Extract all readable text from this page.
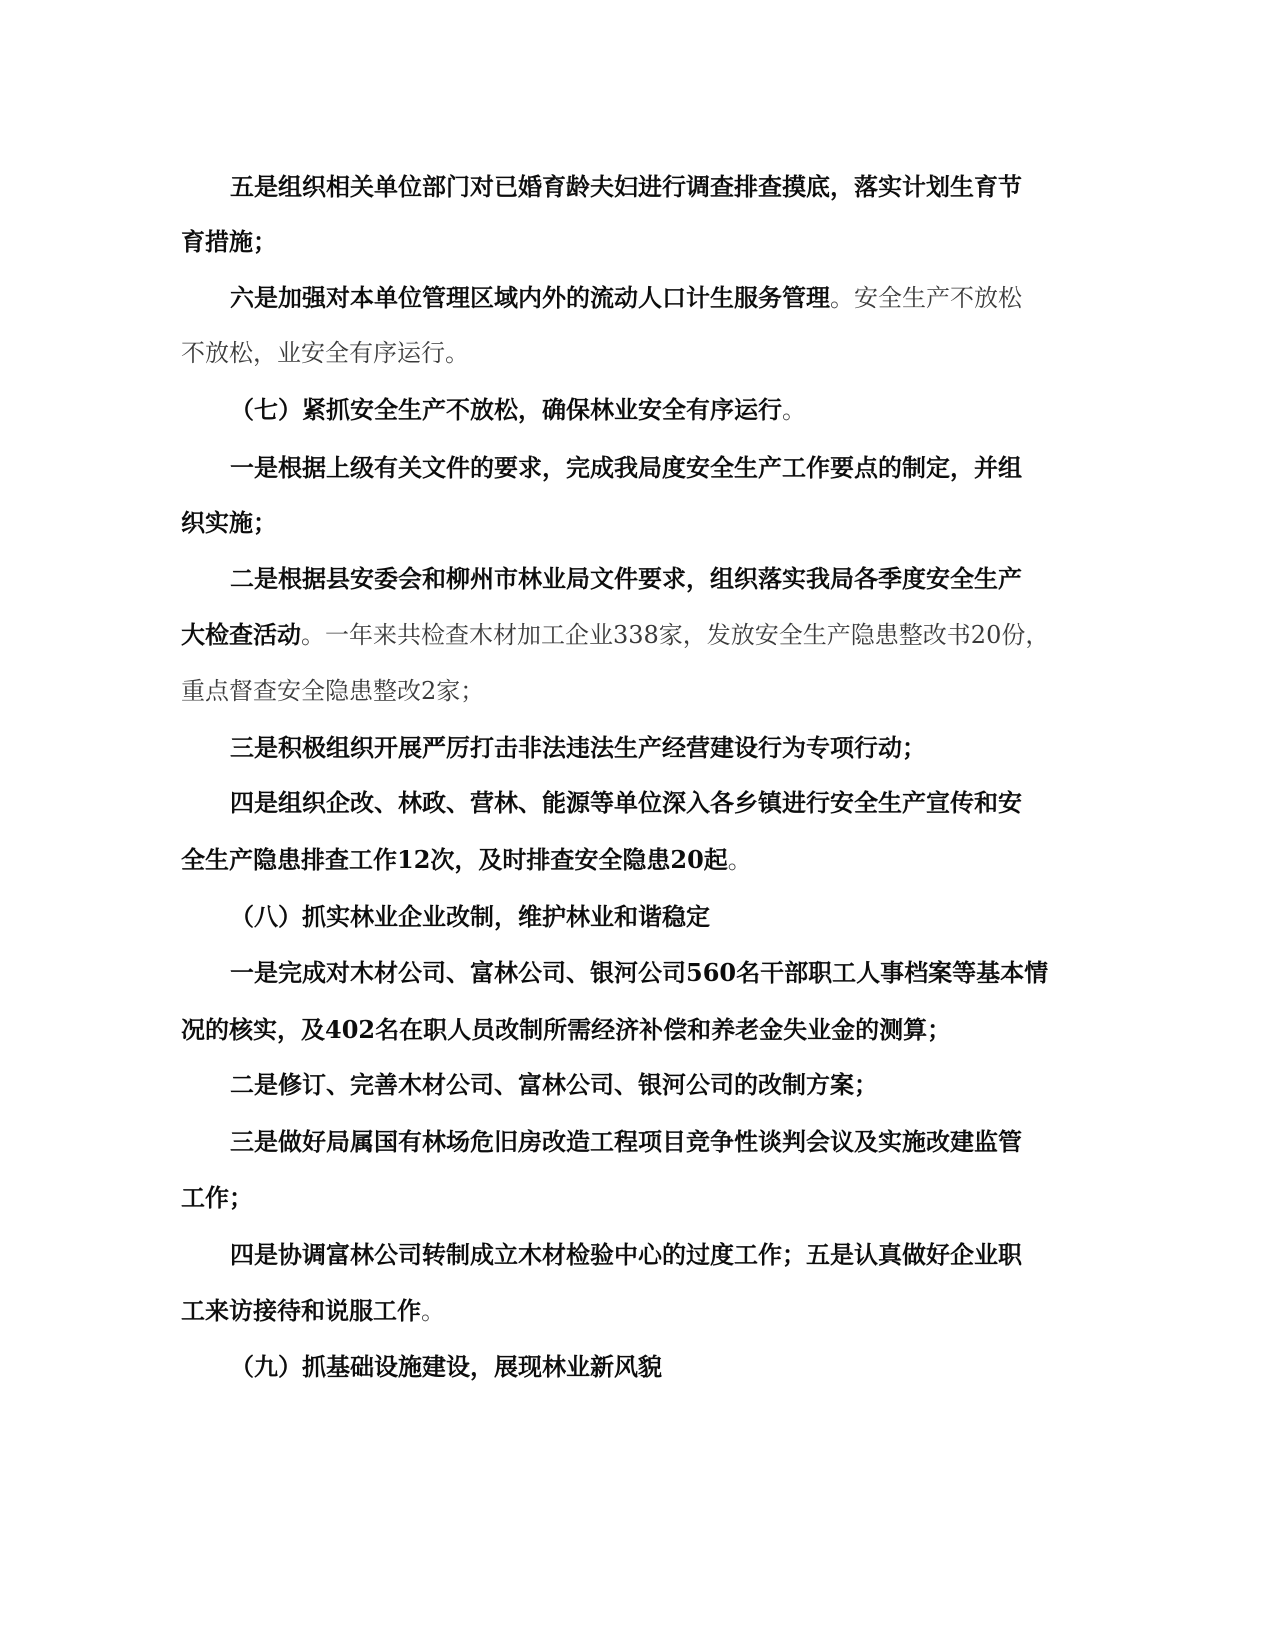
五是组织相关单位部门对已婚育龄夫妇进行调查排查摸底，落实计划生育节
育措施；
六是加强对本单位管理区域内外的流动人口计生服务管理。安全生产不放松
不放松，业安全有序运行。
（七）紧抓安全生产不放松，确保林业安全有序运行。
一是根据上级有关文件的要求，完成我局度安全生产工作要点的制定，并组
织实施；
二是根据县安委会和柳州市林业局文件要求，组织落实我局各季度安全生产
大检查活动。一年来共检查木材加工企业338家，发放安全生产隐患整改书20份，
重点督查安全隐患整改2家；
三是积极组织开展严厉打击非法违法生产经营建设行为专项行动；
四是组织企改、林政、营林、能源等单位深入各乡镇进行安全生产宣传和安
全生产隐患排查工作12次，及时排查安全隐患20起。
（八）抓实林业企业改制，维护林业和谐稳定
一是完成对木材公司、富林公司、银河公司560名干部职工人事档案等基本情
况的核实，及402名在职人员改制所需经济补偿和养老金失业金的测算；
二是修订、完善木材公司、富林公司、银河公司的改制方案；
三是做好局属国有林场危旧房改造工程项目竞争性谈判会议及实施改建监管
工作；
四是协调富林公司转制成立木材检验中心的过度工作；五是认真做好企业职
工来访接待和说服工作。
（九）抓基础设施建设，展现林业新风貌
